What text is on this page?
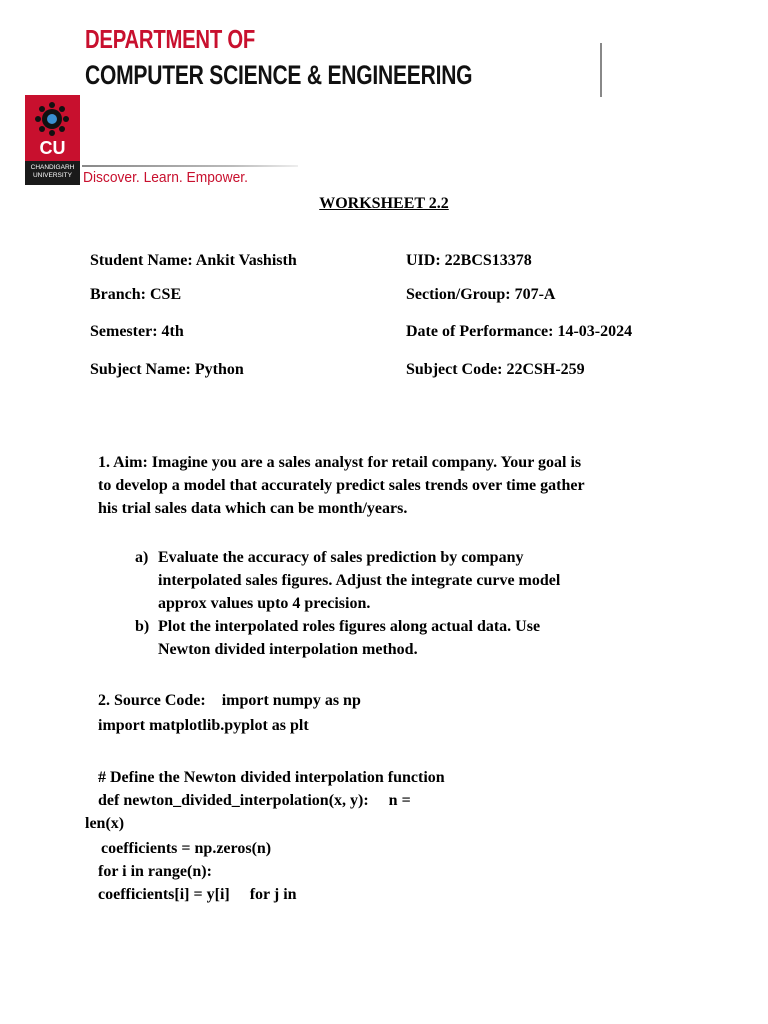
DEPARTMENT OF
COMPUTER SCIENCE & ENGINEERING
CU
CHANDIGARH
UNIVERSITY Discover. Learn. Empower.
WORKSHEET 2.2
Student Name: Ankit Vashisth	UID: 22BCS13378
Branch: CSE	Section/Group: 707-A
Semester: 4th	Date of Performance: 14-03-2024
Subject Name: Python	Subject Code: 22CSH-259
1. Aim: Imagine you are a sales analyst for retail company. Your goal is
to develop a model that accurately predict sales trends over time gather
his trial sales data which can be month/years.
a) Evaluate the accuracy of sales prediction by company
interpolated sales figures. Adjust the integrate curve model
approx values upto 4 precision.
b) Plot the interpolated roles figures along actual data. Use
Newton divided interpolation method.
2. Source Code:    import numpy as np
import matplotlib.pyplot as plt
# Define the Newton divided interpolation function
def newton_divided_interpolation(x, y):     n =
len(x)
coefficients = np.zeros(n)
for i in range(n):
coefficients[i] = y[i]     for j in
